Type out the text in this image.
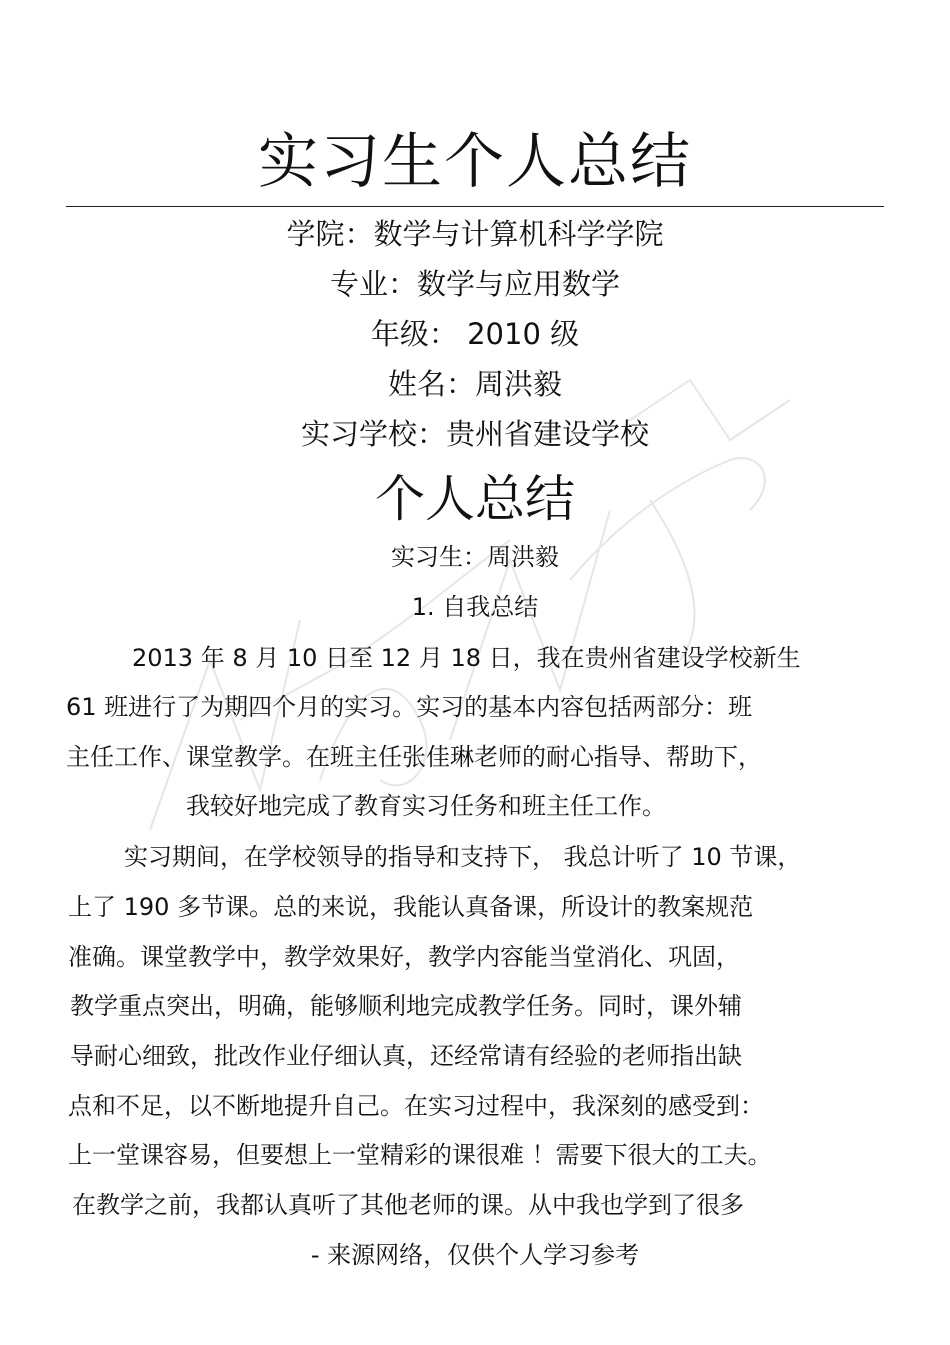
实习生个人总结
学院：数学与计算机科学学院
专业：数学与应用数学
年级： 2010 级
姓名：周洪毅
实习学校：贵州省建设学校
个人总结
实习生：周洪毅
1. 自我总结
2013 年 8 月 10 日至 12 月 18 日，我在贵州省建设学校新生
61 班进行了为期四个月的实习。实习的基本内容包括两部分：班
主任工作、课堂教学。在班主任张佳琳老师的耐心指导、帮助下，
我较好地完成了教育实习任务和班主任工作。
实习期间，在学校领导的指导和支持下， 我总计听了 10 节课，
上了 190 多节课。总的来说，我能认真备课，所设计的教案规范
准确。课堂教学中，教学效果好，教学内容能当堂消化、巩固，
教学重点突出，明确，能够顺利地完成教学任务。同时，课外辅
导耐心细致，批改作业仔细认真，还经常请有经验的老师指出缺
点和不足，以不断地提升自己。在实习过程中，我深刻的感受到：
上一堂课容易，但要想上一堂精彩的课很难 ！需要下很大的工夫。
在教学之前，我都认真听了其他老师的课。从中我也学到了很多
- 来源网络，仅供个人学习参考
